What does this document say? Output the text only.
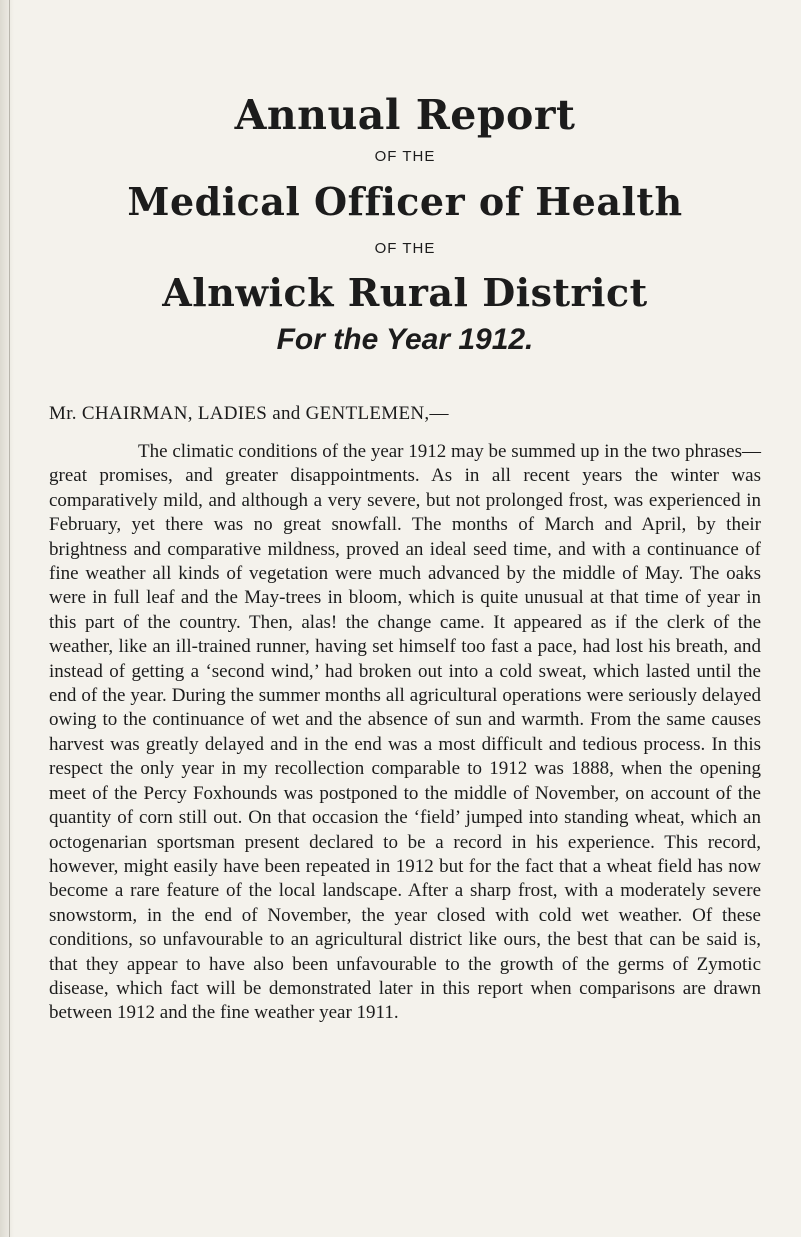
Annual Report
OF THE
Medical Officer of Health
OF THE
Alnwick Rural District
For the Year 1912.
Mr. CHAIRMAN, LADIES and GENTLEMEN,—

The climatic conditions of the year 1912 may be summed up in the two phrases—great promises, and greater disappointments. As in all recent years the winter was comparatively mild, and although a very severe, but not prolonged frost, was experienced in February, yet there was no great snowfall. The months of March and April, by their brightness and comparative mildness, proved an ideal seed time, and with a continuance of fine weather all kinds of vegetation were much advanced by the middle of May. The oaks were in full leaf and the May-trees in bloom, which is quite unusual at that time of year in this part of the country. Then, alas! the change came. It appeared as if the clerk of the weather, like an ill-trained runner, having set himself too fast a pace, had lost his breath, and instead of getting a ‘second wind,’ had broken out into a cold sweat, which lasted until the end of the year. During the summer months all agricultural operations were seriously delayed owing to the continuance of wet and the absence of sun and warmth. From the same causes harvest was greatly delayed and in the end was a most difficult and tedious process. In this respect the only year in my recollection comparable to 1912 was 1888, when the opening meet of the Percy Foxhounds was postponed to the middle of November, on account of the quantity of corn still out. On that occasion the ‘field’ jumped into standing wheat, which an octogenarian sportsman present declared to be a record in his experience. This record, however, might easily have been repeated in 1912 but for the fact that a wheat field has now become a rare feature of the local landscape. After a sharp frost, with a moderately severe snowstorm, in the end of November, the year closed with cold wet weather. Of these conditions, so unfavourable to an agricultural district like ours, the best that can be said is, that they appear to have also been unfavourable to the growth of the germs of Zymotic disease, which fact will be demonstrated later in this report when comparisons are drawn between 1912 and the fine weather year 1911.
